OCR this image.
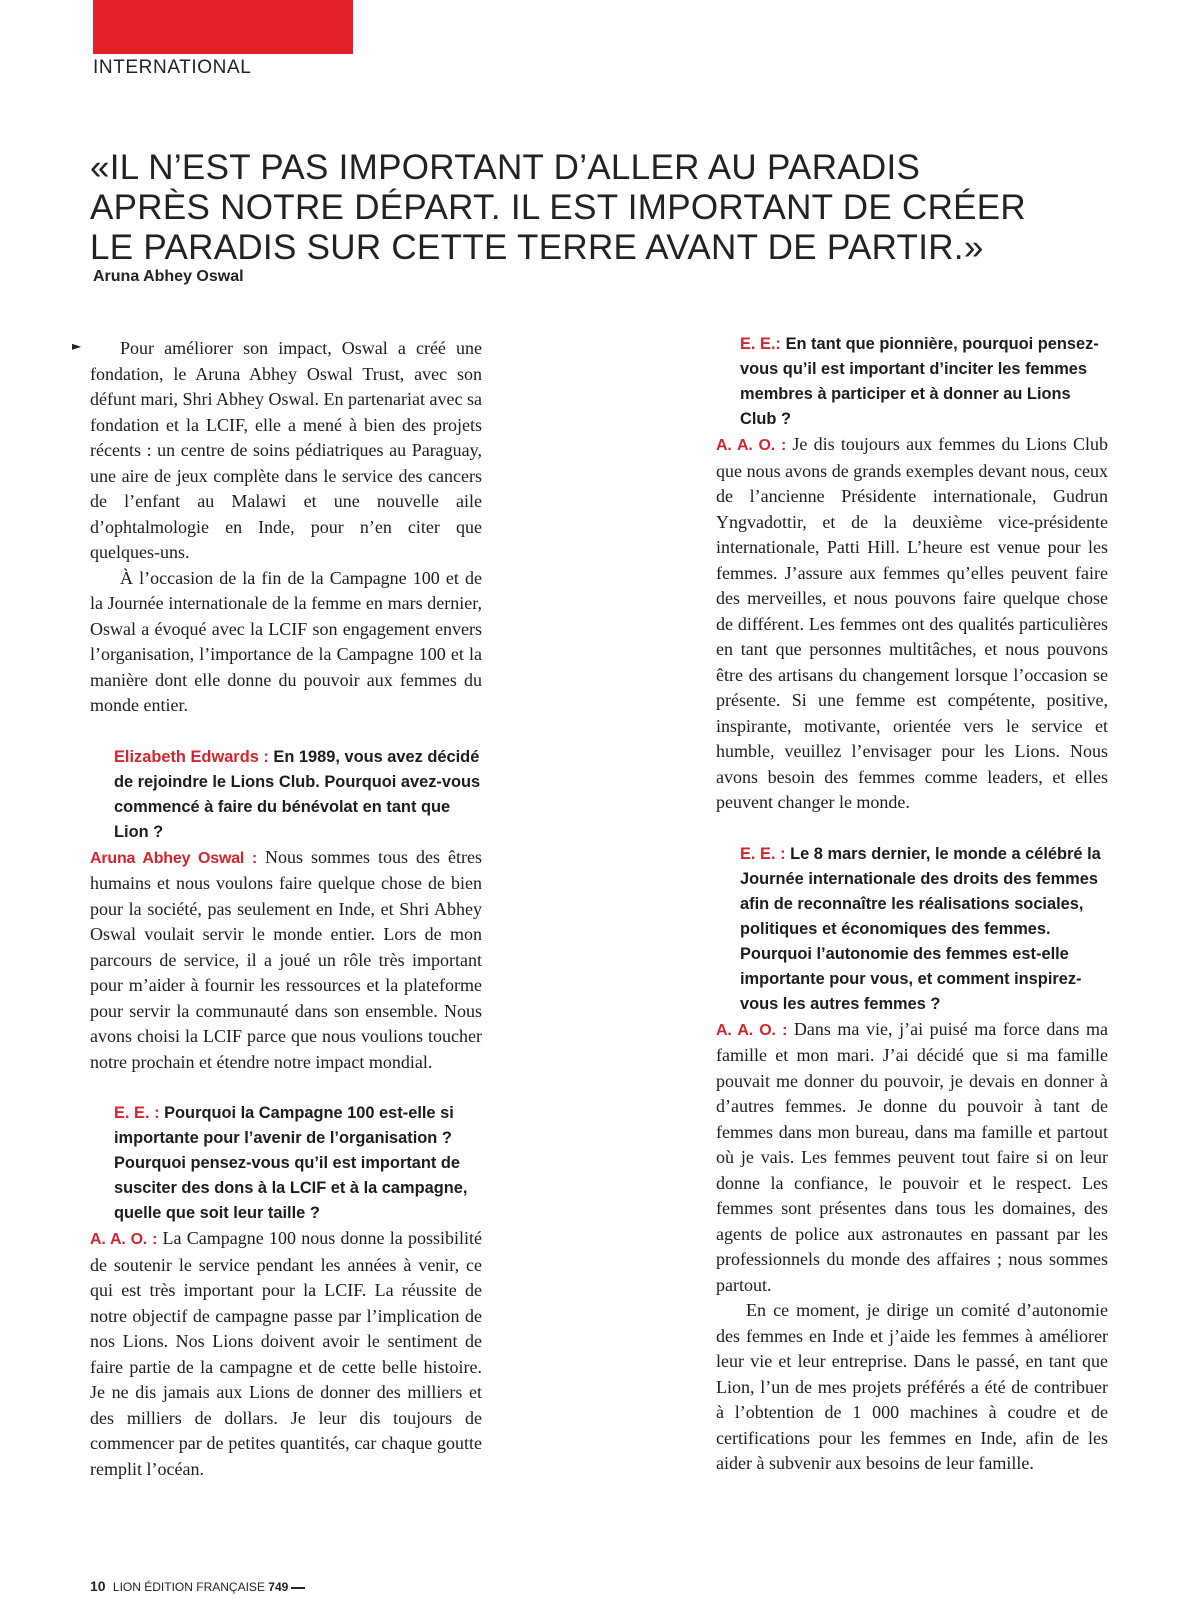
INTERNATIONAL

«IL N’EST PAS IMPORTANT D’ALLER AU PARADIS
APRÈS NOTRE DÉPART. IL EST IMPORTANT DE CRÉER
LE PARADIS SUR CETTE TERRE AVANT DE PARTIR.»

Aruna Abhey Oswal

►	Pour améliorer son impact, Oswal a créé une fondation, le Aruna Abhey Oswal Trust, avec son défunt mari, Shri Abhey Oswal. En partenariat avec sa fondation et la LCIF, elle a mené à bien des projets récents : un centre de soins pédiatriques au Paraguay, une aire de jeux complète dans le service des cancers de l’enfant au Malawi et une nouvelle aile d’ophtalmologie en Inde, pour n’en citer que quelques-uns.

À l’occasion de la fin de la Campagne 100 et de la Journée internationale de la femme en mars dernier, Oswal a évoqué avec la LCIF son engagement envers l’organisation, l’importance de la Campagne 100 et la manière dont elle donne du pouvoir aux femmes du monde entier.

Elizabeth Edwards : En 1989, vous avez décidé de rejoindre le Lions Club. Pourquoi avez-vous commencé à faire du bénévolat en tant que Lion ?

Aruna Abhey Oswal : Nous sommes tous des êtres humains et nous voulons faire quelque chose de bien pour la société, pas seulement en Inde, et Shri Abhey Oswal voulait servir le monde entier. Lors de mon parcours de service, il a joué un rôle très important pour m’aider à fournir les ressources et la plateforme pour servir la communauté dans son ensemble. Nous avons choisi la LCIF parce que nous voulions toucher notre prochain et étendre notre impact mondial.

E. E. : Pourquoi la Campagne 100 est-elle si importante pour l’avenir de l’organisation ? Pourquoi pensez-vous qu’il est important de susciter des dons à la LCIF et à la campagne, quelle que soit leur taille ?

A. A. O. : La Campagne 100 nous donne la possibilité de soutenir le service pendant les années à venir, ce qui est très important pour la LCIF. La réussite de notre objectif de campagne passe par l’implication de nos Lions. Nos Lions doivent avoir le sentiment de faire partie de la campagne et de cette belle histoire. Je ne dis jamais aux Lions de donner des milliers et des milliers de dollars. Je leur dis toujours de commencer par de petites quantités, car chaque goutte remplit l’océan.

E. E.: En tant que pionnière, pourquoi pensez-vous qu’il est important d’inciter les femmes membres à participer et à donner au Lions Club ?

A. A. O. : Je dis toujours aux femmes du Lions Club que nous avons de grands exemples devant nous, ceux de l’ancienne Présidente internationale, Gudrun Yngvadottir, et de la deuxième vice-présidente internationale, Patti Hill. L’heure est venue pour les femmes. J’assure aux femmes qu’elles peuvent faire des merveilles, et nous pouvons faire quelque chose de différent. Les femmes ont des qualités particulières en tant que personnes multitâches, et nous pouvons être des artisans du changement lorsque l’occasion se présente. Si une femme est compétente, positive, inspirante, motivante, orientée vers le service et humble, veuillez l’envisager pour les Lions. Nous avons besoin des femmes comme leaders, et elles peuvent changer le monde.

E. E. : Le 8 mars dernier, le monde a célébré la Journée internationale des droits des femmes afin de reconnaître les réalisations sociales, politiques et économiques des femmes. Pourquoi l’autonomie des femmes est-elle importante pour vous, et comment inspirez-vous les autres femmes ?

A. A. O. : Dans ma vie, j’ai puisé ma force dans ma famille et mon mari. J’ai décidé que si ma famille pouvait me donner du pouvoir, je devais en donner à d’autres femmes. Je donne du pouvoir à tant de femmes dans mon bureau, dans ma famille et partout où je vais. Les femmes peuvent tout faire si on leur donne la confiance, le pouvoir et le respect. Les femmes sont présentes dans tous les domaines, des agents de police aux astronautes en passant par les professionnels du monde des affaires ; nous sommes partout.

En ce moment, je dirige un comité d’autonomie des femmes en Inde et j’aide les femmes à améliorer leur vie et leur entreprise. Dans le passé, en tant que Lion, l’un de mes projets préférés a été de contribuer à l’obtention de 1 000 machines à coudre et de certifications pour les femmes en Inde, afin de les aider à subvenir aux besoins de leur famille.

10 LION ÉDITION FRANÇAISE 749
